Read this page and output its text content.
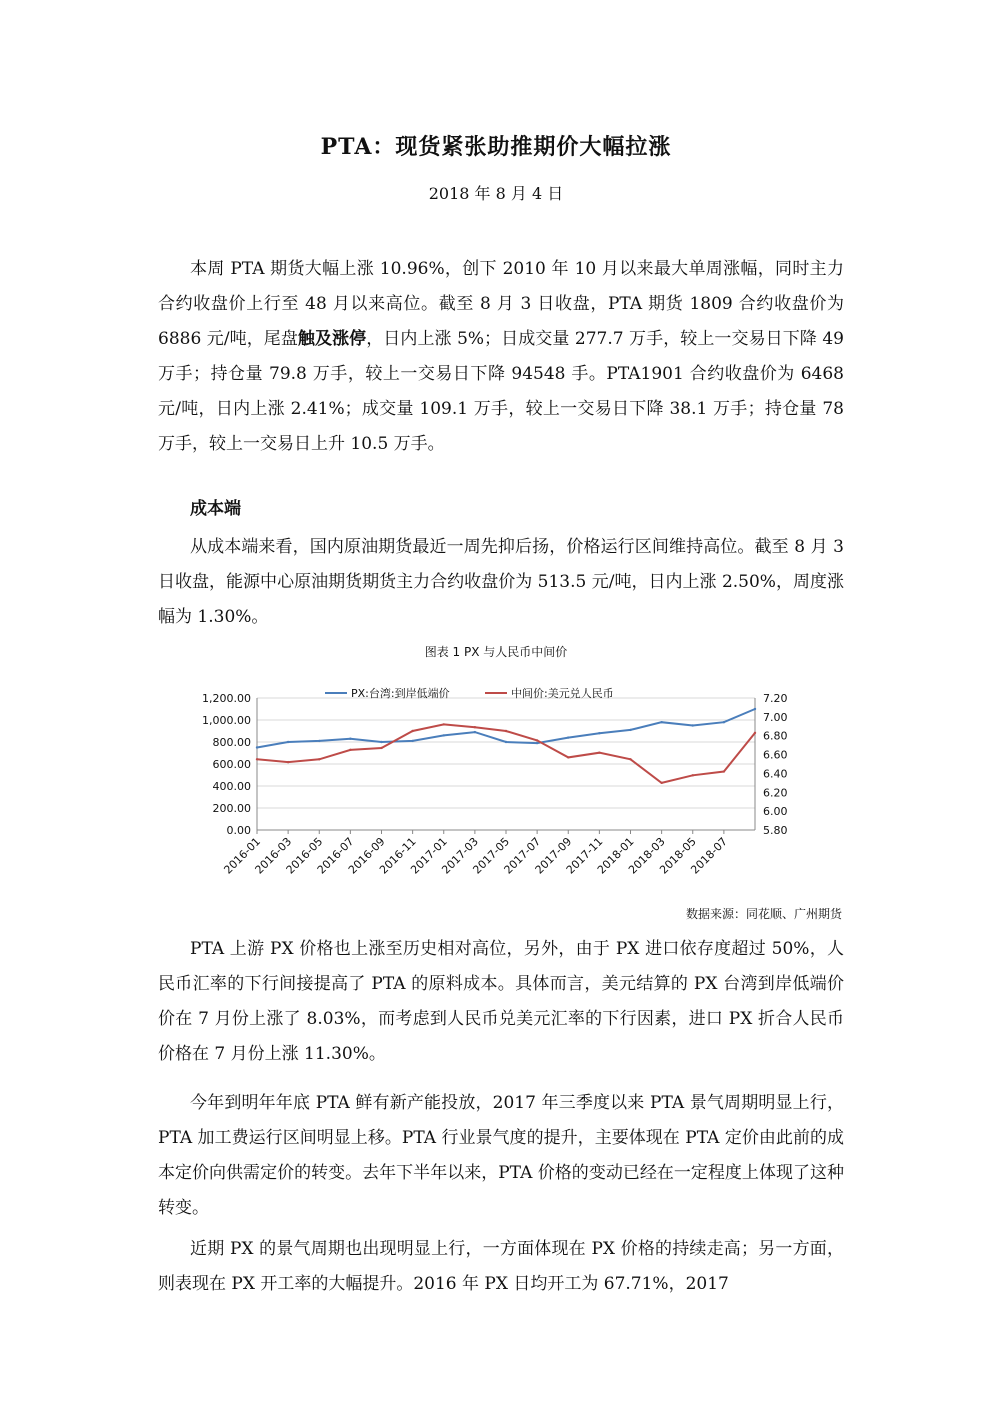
PTA：现货紧张助推期价大幅拉涨
2018 年 8 月 4 日
本周 PTA 期货大幅上涨 10.96%，创下 2010 年 10 月以来最大单周涨幅，同时主力合约收盘价上行至 48 月以来高位。截至 8 月 3 日收盘，PTA 期货 1809 合约收盘价为 6886 元/吨，尾盘触及涨停，日内上涨 5%；日成交量 277.7 万手，较上一交易日下降 49 万手；持仓量 79.8 万手，较上一交易日下降 94548 手。PTA1901 合约收盘价为 6468 元/吨，日内上涨 2.41%；成交量 109.1 万手，较上一交易日下降 38.1 万手；持仓量 78 万手，较上一交易日上升 10.5 万手。
成本端
从成本端来看，国内原油期货最近一周先抑后扬，价格运行区间维持高位。截至 8 月 3 日收盘，能源中心原油期货期货主力合约收盘价为 513.5 元/吨，日内上涨 2.50%，周度涨幅为 1.30%。
图表 1 PX 与人民币中间价
0.00
200.00
400.00
600.00
800.00
1,000.00
1,200.00
5.80
6.00
6.20
6.40
6.60
6.80
7.00
7.20
2016-01
2016-03
2016-05
2016-07
2016-09
2016-11
2017-01
2017-03
2017-05
2017-07
2017-09
2017-11
2018-01
2018-03
2018-05
2018-07
PX:台湾:到岸低端价	中间价:美元兑人民币
数据来源：同花顺、广州期货
PTA 上游 PX 价格也上涨至历史相对高位，另外，由于 PX 进口依存度超过 50%，人民币汇率的下行间接提高了 PTA 的原料成本。具体而言，美元结算的 PX 台湾到岸低端价价在 7 月份上涨了 8.03%，而考虑到人民币兑美元汇率的下行因素，进口 PX 折合人民币价格在 7 月份上涨 11.30%。
今年到明年年底 PTA 鲜有新产能投放，2017 年三季度以来 PTA 景气周期明显上行，PTA 加工费运行区间明显上移。PTA 行业景气度的提升，主要体现在 PTA 定价由此前的成本定价向供需定价的转变。去年下半年以来，PTA 价格的变动已经在一定程度上体现了这种转变。
近期 PX 的景气周期也出现明显上行，一方面体现在 PX 价格的持续走高；另一方面，则表现在 PX 开工率的大幅提升。2016 年 PX 日均开工为 67.71%，2017
